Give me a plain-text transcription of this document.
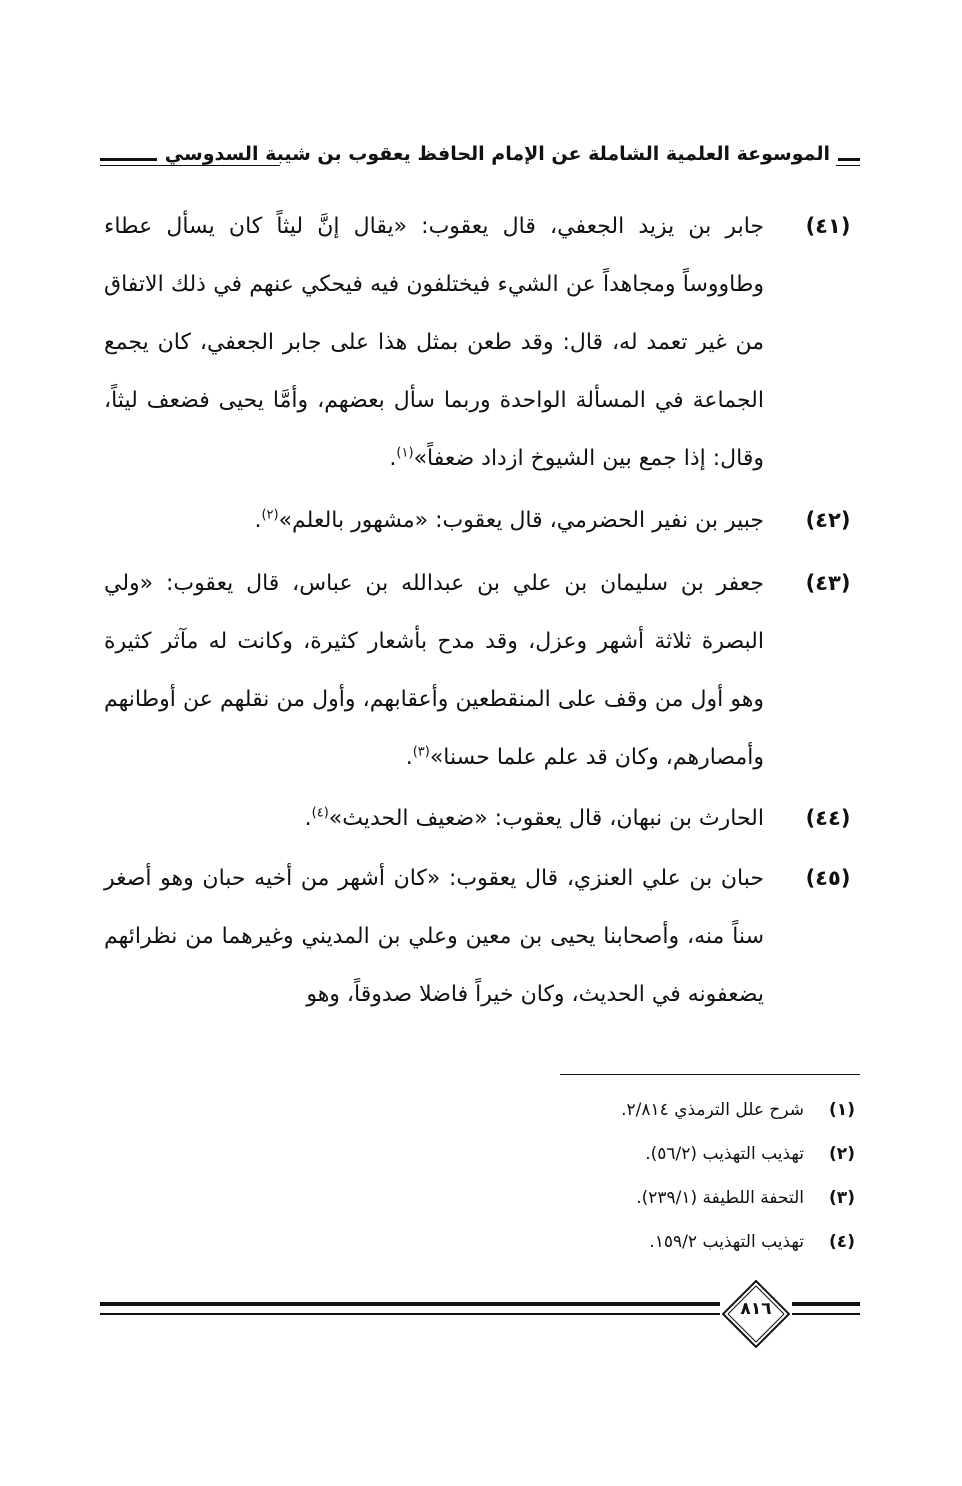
الموسوعة العلمية الشاملة عن الإمام الحافظ يعقوب بن شيبة السدوسي
(٤١)

جابر بن يزيد الجعفي، قال يعقوب: «يقال إنَّ ليثاً كان يسأل عطاء وطاووساً ومجاهداً عن الشيء فيختلفون فيه فيحكي عنهم في ذلك الاتفاق من غير تعمد له، قال: وقد طعن بمثل هذا على جابر الجعفي، كان يجمع الجماعة في المسألة الواحدة وربما سأل بعضهم، وأمَّا يحيى فضعف ليثاً، وقال: إذا جمع بين الشيوخ ازداد ضعفاً»$^{(١)}$.

(٤٢)

جبير بن نفير الحضرمي، قال يعقوب: «مشهور بالعلم»$^{(٢)}$.

(٤٣)

جعفر بن سليمان بن علي بن عبدالله بن عباس، قال يعقوب: «ولي البصرة ثلاثة أشهر وعزل، وقد مدح بأشعار كثيرة، وكانت له مآثر كثيرة وهو أول من وقف على المنقطعين وأعقابهم، وأول من نقلهم عن أوطانهم وأمصارهم، وكان قد علم علما حسنا»$^{(٣)}$.

(٤٤)

الحارث بن نبهان، قال يعقوب: «ضعيف الحديث»$^{(٤)}$.

(٤٥)

حبان بن علي العنزي، قال يعقوب: «كان أشهر من أخيه حبان وهو أصغر سناً منه، وأصحابنا يحيى بن معين وعلي بن المديني وغيرهما من نظرائهم يضعفونه في الحديث، وكان خيراً فاضلا صدوقاً، وهو

(١)
شرح علل الترمذي ٢/٨١٤.
(٢)
تهذيب التهذيب (٥٦/٢).
(٣)
التحفة اللطيفة (٢٣٩/١).
(٤)
تهذيب التهذيب ١٥٩/٢.
٨١٦
